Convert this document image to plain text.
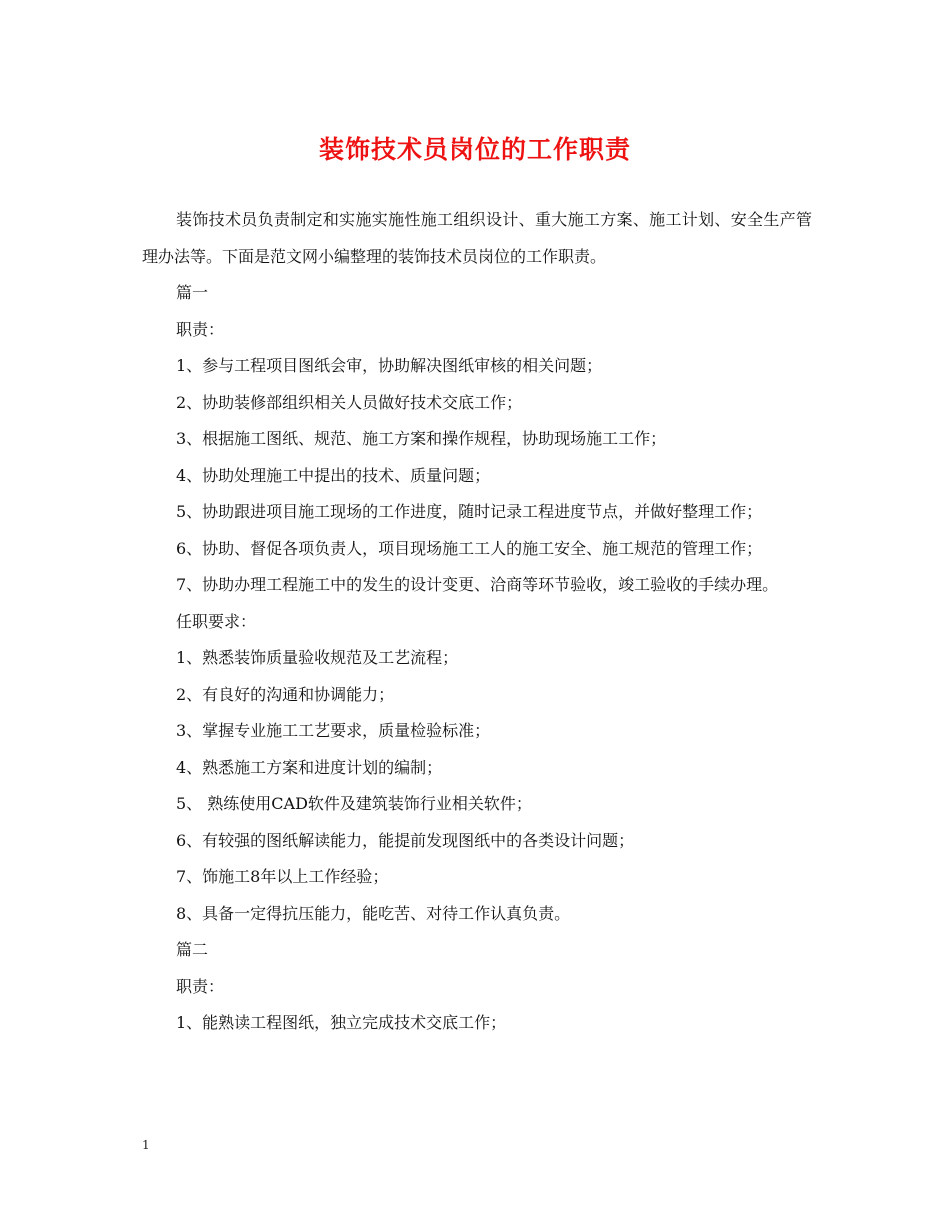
装饰技术员岗位的工作职责

装饰技术员负责制定和实施实施性施工组织设计、重大施工方案、施工计划、安全生产管理办法等。下面是范文网小编整理的装饰技术员岗位的工作职责。

篇一

职责：

1、参与工程项目图纸会审，协助解决图纸审核的相关问题；

2、协助装修部组织相关人员做好技术交底工作；

3、根据施工图纸、规范、施工方案和操作规程，协助现场施工工作；

4、协助处理施工中提出的技术、质量问题；

5、协助跟进项目施工现场的工作进度，随时记录工程进度节点，并做好整理工作；

6、协助、督促各项负责人，项目现场施工工人的施工安全、施工规范的管理工作；

7、协助办理工程施工中的发生的设计变更、洽商等环节验收，竣工验收的手续办理。

任职要求：

1、熟悉装饰质量验收规范及工艺流程；

2、有良好的沟通和协调能力；

3、掌握专业施工工艺要求，质量检验标准；

4、熟悉施工方案和进度计划的编制；

5、 熟练使用CAD软件及建筑装饰行业相关软件；

6、有较强的图纸解读能力，能提前发现图纸中的各类设计问题；

7、饰施工8年以上工作经验；

8、具备一定得抗压能力，能吃苦、对待工作认真负责。

篇二

职责：

1、能熟读工程图纸，独立完成技术交底工作；

1
